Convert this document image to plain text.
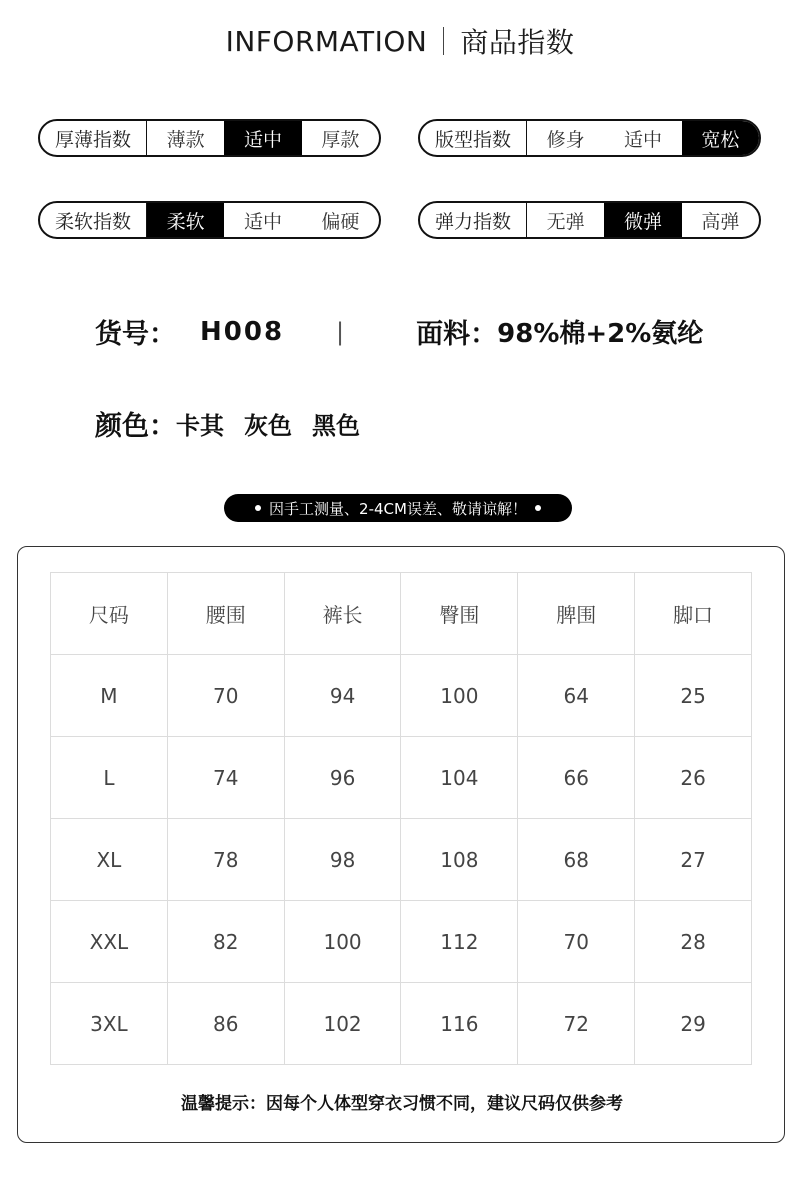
INFORMATION 商品指数
厚薄指数	薄款	适中	厚款	版型指数	修身	适中	宽松
柔软指数	柔软	适中	偏硬	弹力指数	无弹	微弹	高弹
货号： H008 |	面料： 98%棉+2%氨纶
颜色： 卡其 灰色 黑色
因手工测量、2-4CM误差、敬请谅解！
尺码	腰围	裤长	臀围	脾围	脚口
M	70	94	100	64	25
L	74	96	104	66	26
XL	78	98	108	68	27
XXL	82	100	112	70	28
3XL	86	102	116	72	29
温馨提示：因每个人体型穿衣习惯不同，建议尺码仅供参考
